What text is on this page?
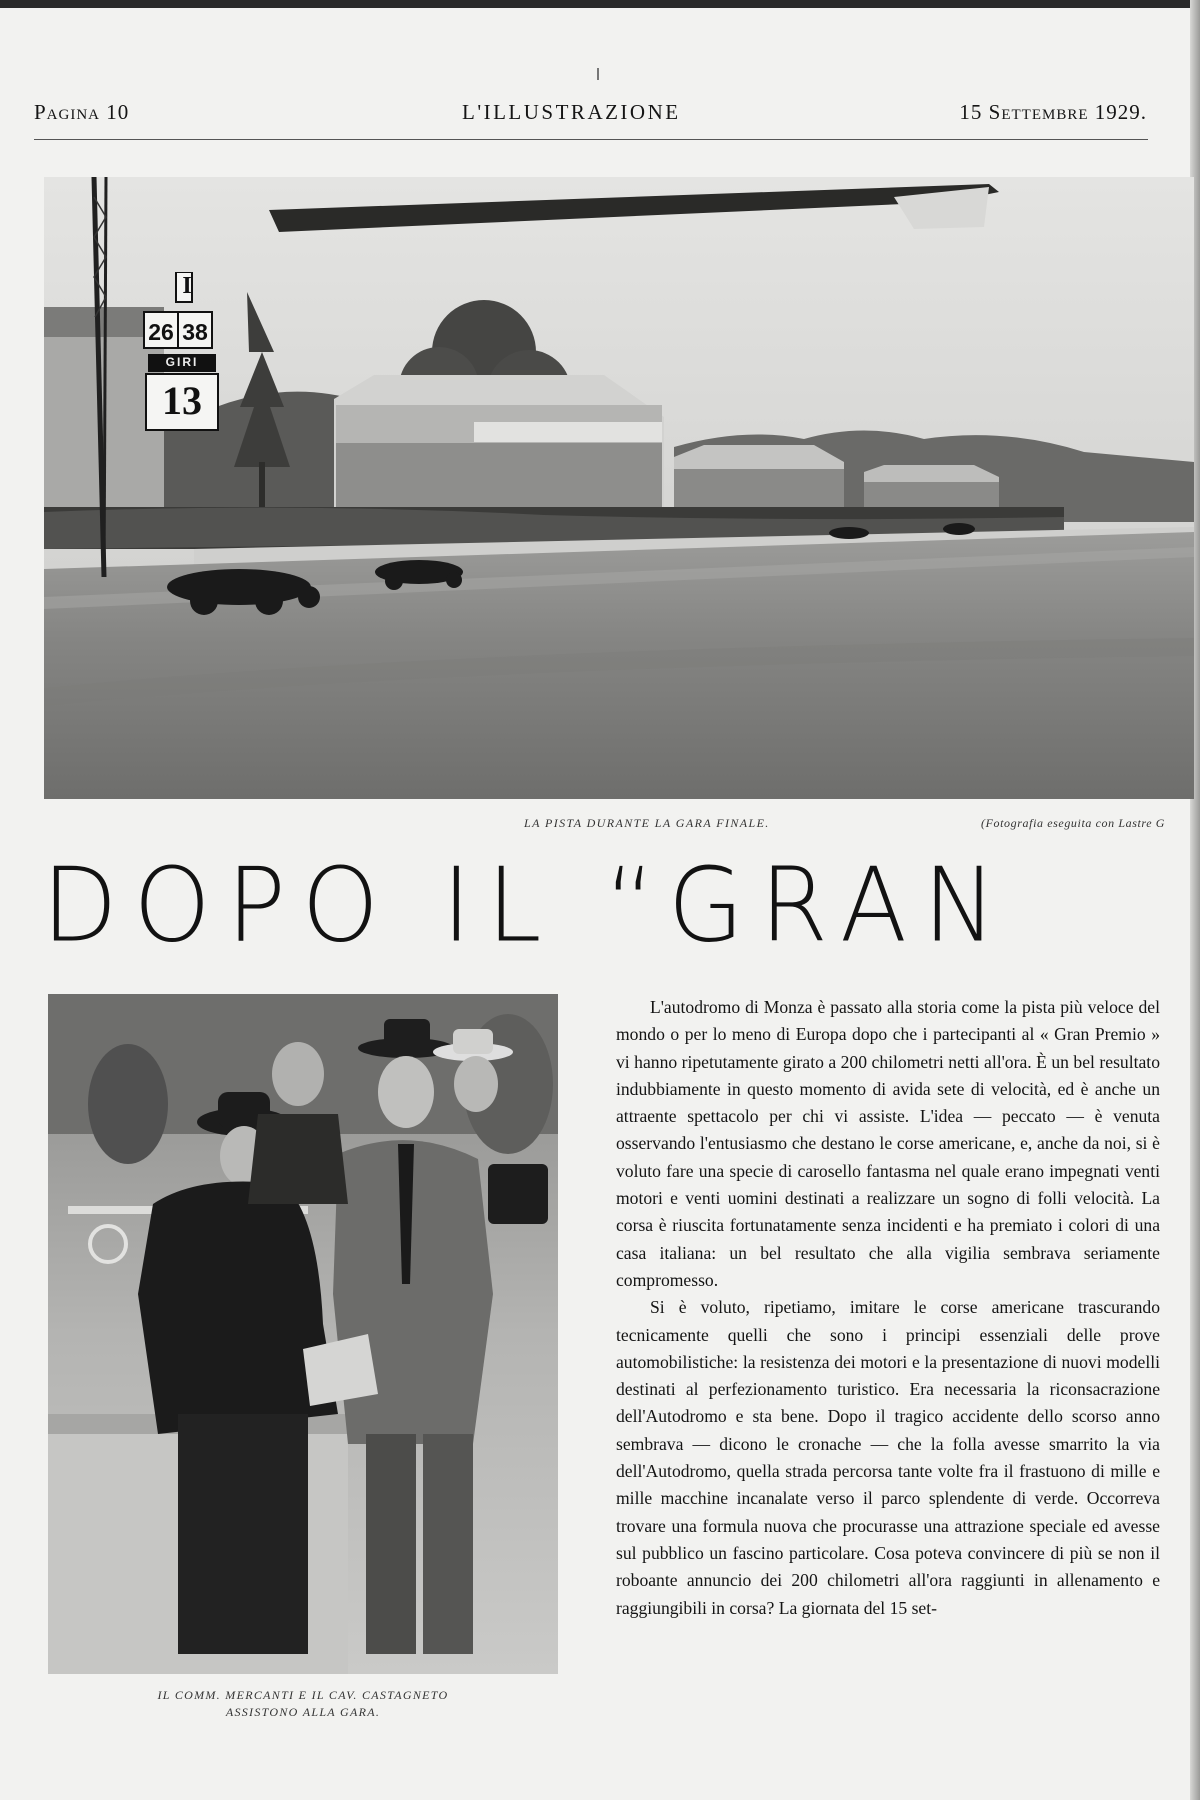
Pagina 10	L'ILLUSTRAZIONE	15 Settembre 1929.
I
26 38
GIRI
13
LA PISTA DURANTE LA GARA FINALE.	(Fotografia eseguita con Lastre G
DOPO IL “GRAN
IL COMM. MERCANTI E IL CAV. CASTAGNETO
ASSISTONO ALLA GARA.

L'autodromo di Monza è passato alla storia come la pista più veloce del mondo o per lo meno di Europa dopo che i partecipanti al « Gran Premio » vi hanno ripetutamente girato a 200 chilometri netti all'ora. È un bel resultato indubbiamente in questo momento di avida sete di velocità, ed è anche un attraente spettacolo per chi vi assiste. L'idea — peccato — è venuta osservando l'entusiasmo che destano le corse americane, e, anche da noi, si è voluto fare una specie di carosello fantasma nel quale erano impegnati venti motori e venti uomini destinati a realizzare un sogno di folli velocità. La corsa è riuscita fortunatamente senza incidenti e ha premiato i colori di una casa italiana: un bel resultato che alla vigilia sembrava seriamente compromesso.

Si è voluto, ripetiamo, imitare le corse americane trascurando tecnicamente quelli che sono i principi essenziali delle prove automobilistiche: la resistenza dei motori e la presentazione di nuovi modelli destinati al perfezionamento turistico. Era necessaria la riconsacrazione dell'Autodromo e sta bene. Dopo il tragico accidente dello scorso anno sembrava — dicono le cronache — che la folla avesse smarrito la via dell'Autodromo, quella strada percorsa tante volte fra il frastuono di mille e mille macchine incanalate verso il parco splendente di verde. Occorreva trovare una formula nuova che procurasse una attrazione speciale ed avesse sul pubblico un fascino particolare. Cosa poteva convincere di più se non il roboante annuncio dei 200 chilometri all'ora raggiunti in allenamento e raggiungibili in corsa? La giornata del 15 set-
